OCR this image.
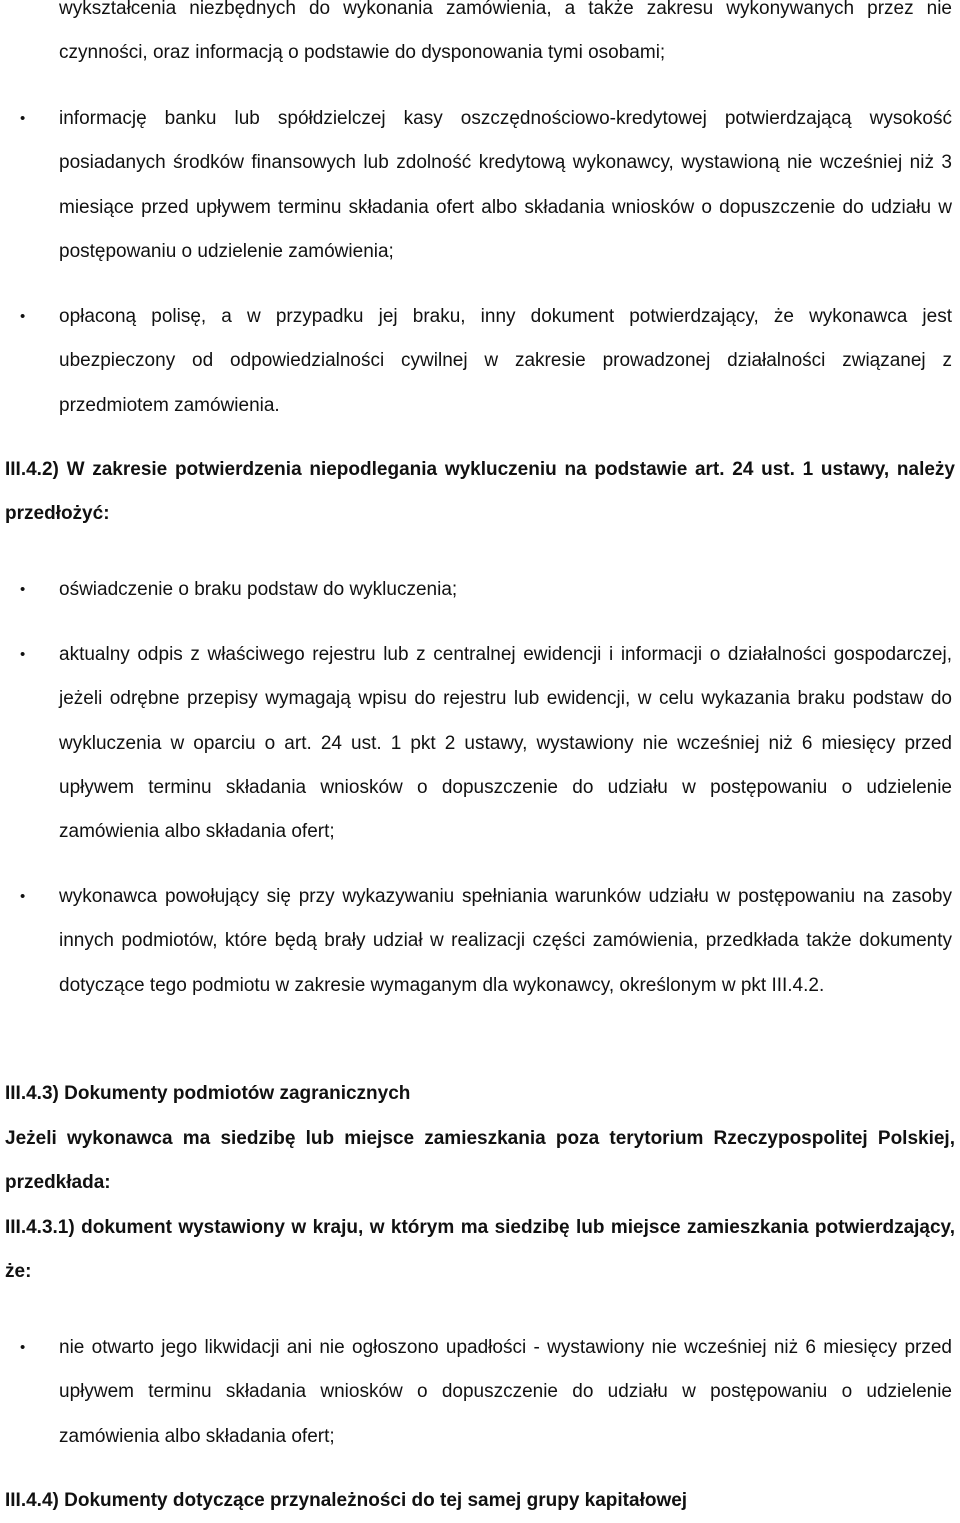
wykształcenia niezbędnych do wykonania zamówienia, a także zakresu wykonywanych przez nie czynności, oraz informacją o podstawie do dysponowania tymi osobami;
• informację banku lub spółdzielczej kasy oszczędnościowo-kredytowej potwierdzającą wysokość posiadanych środków finansowych lub zdolność kredytową wykonawcy, wystawioną nie wcześniej niż 3 miesiące przed upływem terminu składania ofert albo składania wniosków o dopuszczenie do udziału w postępowaniu o udzielenie zamówienia;
• opłaconą polisę, a w przypadku jej braku, inny dokument potwierdzający, że wykonawca jest ubezpieczony od odpowiedzialności cywilnej w zakresie prowadzonej działalności związanej z przedmiotem zamówienia.
III.4.2) W zakresie potwierdzenia niepodlegania wykluczeniu na podstawie art. 24 ust. 1 ustawy, należy przedłożyć:
• oświadczenie o braku podstaw do wykluczenia;
• aktualny odpis z właściwego rejestru lub z centralnej ewidencji i informacji o działalności gospodarczej, jeżeli odrębne przepisy wymagają wpisu do rejestru lub ewidencji, w celu wykazania braku podstaw do wykluczenia w oparciu o art. 24 ust. 1 pkt 2 ustawy, wystawiony nie wcześniej niż 6 miesięcy przed upływem terminu składania wniosków o dopuszczenie do udziału w postępowaniu o udzielenie zamówienia albo składania ofert;
• wykonawca powołujący się przy wykazywaniu spełniania warunków udziału w postępowaniu na zasoby innych podmiotów, które będą brały udział w realizacji części zamówienia, przedkłada także dokumenty dotyczące tego podmiotu w zakresie wymaganym dla wykonawcy, określonym w pkt III.4.2.
III.4.3) Dokumenty podmiotów zagranicznych
Jeżeli wykonawca ma siedzibę lub miejsce zamieszkania poza terytorium Rzeczypospolitej Polskiej, przedkłada:
III.4.3.1) dokument wystawiony w kraju, w którym ma siedzibę lub miejsce zamieszkania potwierdzający, że:
• nie otwarto jego likwidacji ani nie ogłoszono upadłości - wystawiony nie wcześniej niż 6 miesięcy przed upływem terminu składania wniosków o dopuszczenie do udziału w postępowaniu o udzielenie zamówienia albo składania ofert;
III.4.4) Dokumenty dotyczące przynależności do tej samej grupy kapitałowej
